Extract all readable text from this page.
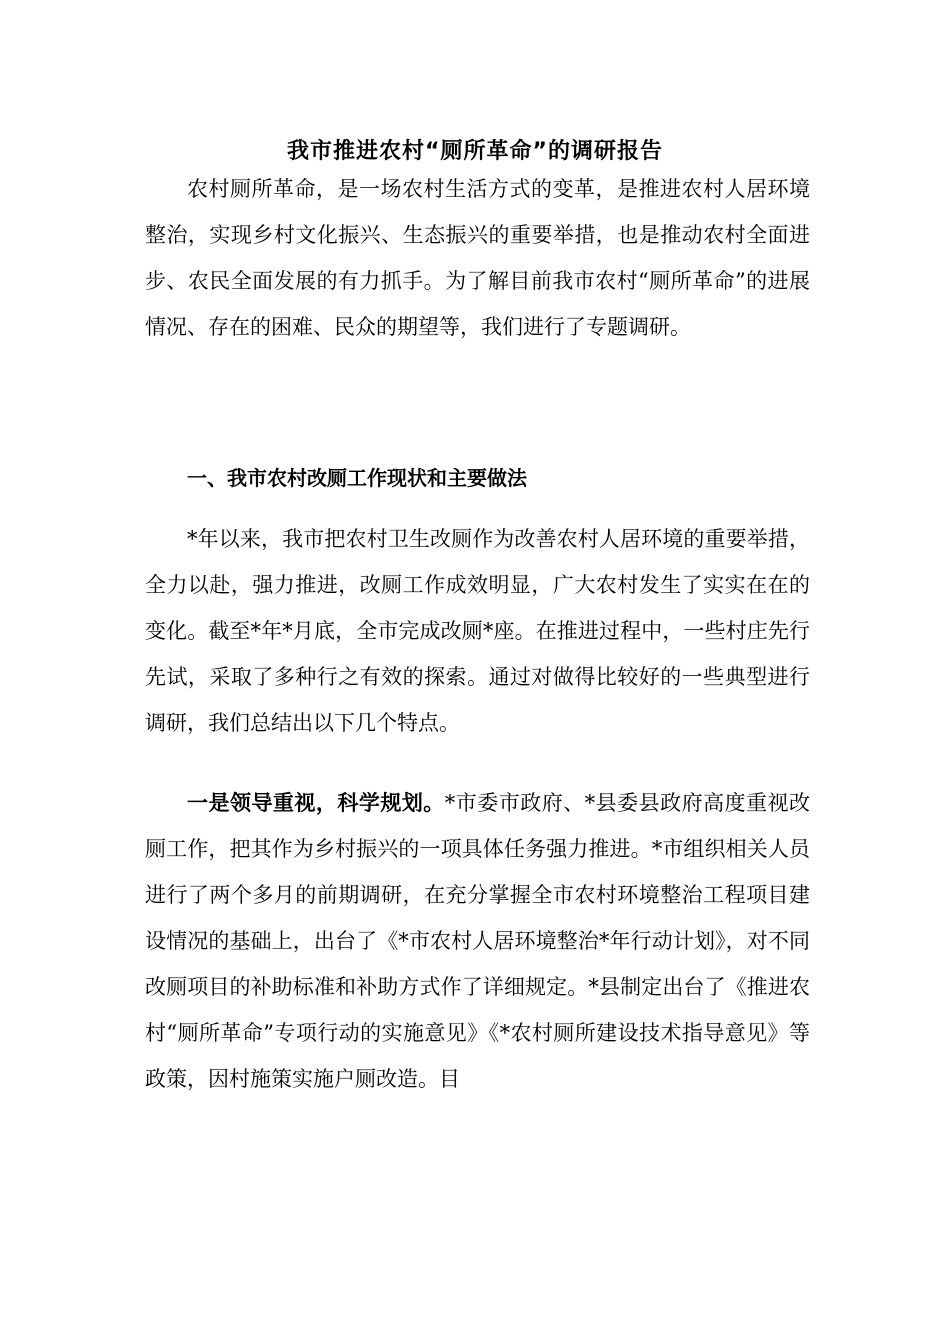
我市推进农村“厕所革命”的调研报告

农村厕所革命，是一场农村生活方式的变革，是推进农村人居环境整治，实现乡村文化振兴、生态振兴的重要举措，也是推动农村全面进步、农民全面发展的有力抓手。为了解目前我市农村“厕所革命”的进展情况、存在的困难、民众的期望等，我们进行了专题调研。

一、我市农村改厕工作现状和主要做法

*年以来，我市把农村卫生改厕作为改善农村人居环境的重要举措，全力以赴，强力推进，改厕工作成效明显，广大农村发生了实实在在的变化。截至*年*月底，全市完成改厕*座。在推进过程中，一些村庄先行先试，采取了多种行之有效的探索。通过对做得比较好的一些典型进行调研，我们总结出以下几个特点。

一是领导重视，科学规划。*市委市政府、*县委县政府高度重视改厕工作，把其作为乡村振兴的一项具体任务强力推进。*市组织相关人员进行了两个多月的前期调研，在充分掌握全市农村环境整治工程项目建设情况的基础上，出台了《*市农村人居环境整治*年行动计划》，对不同改厕项目的补助标准和补助方式作了详细规定。*县制定出台了《推进农村“厕所革命”专项行动的实施意见》《*农村厕所建设技术指导意见》等政策，因村施策实施户厕改造。目
